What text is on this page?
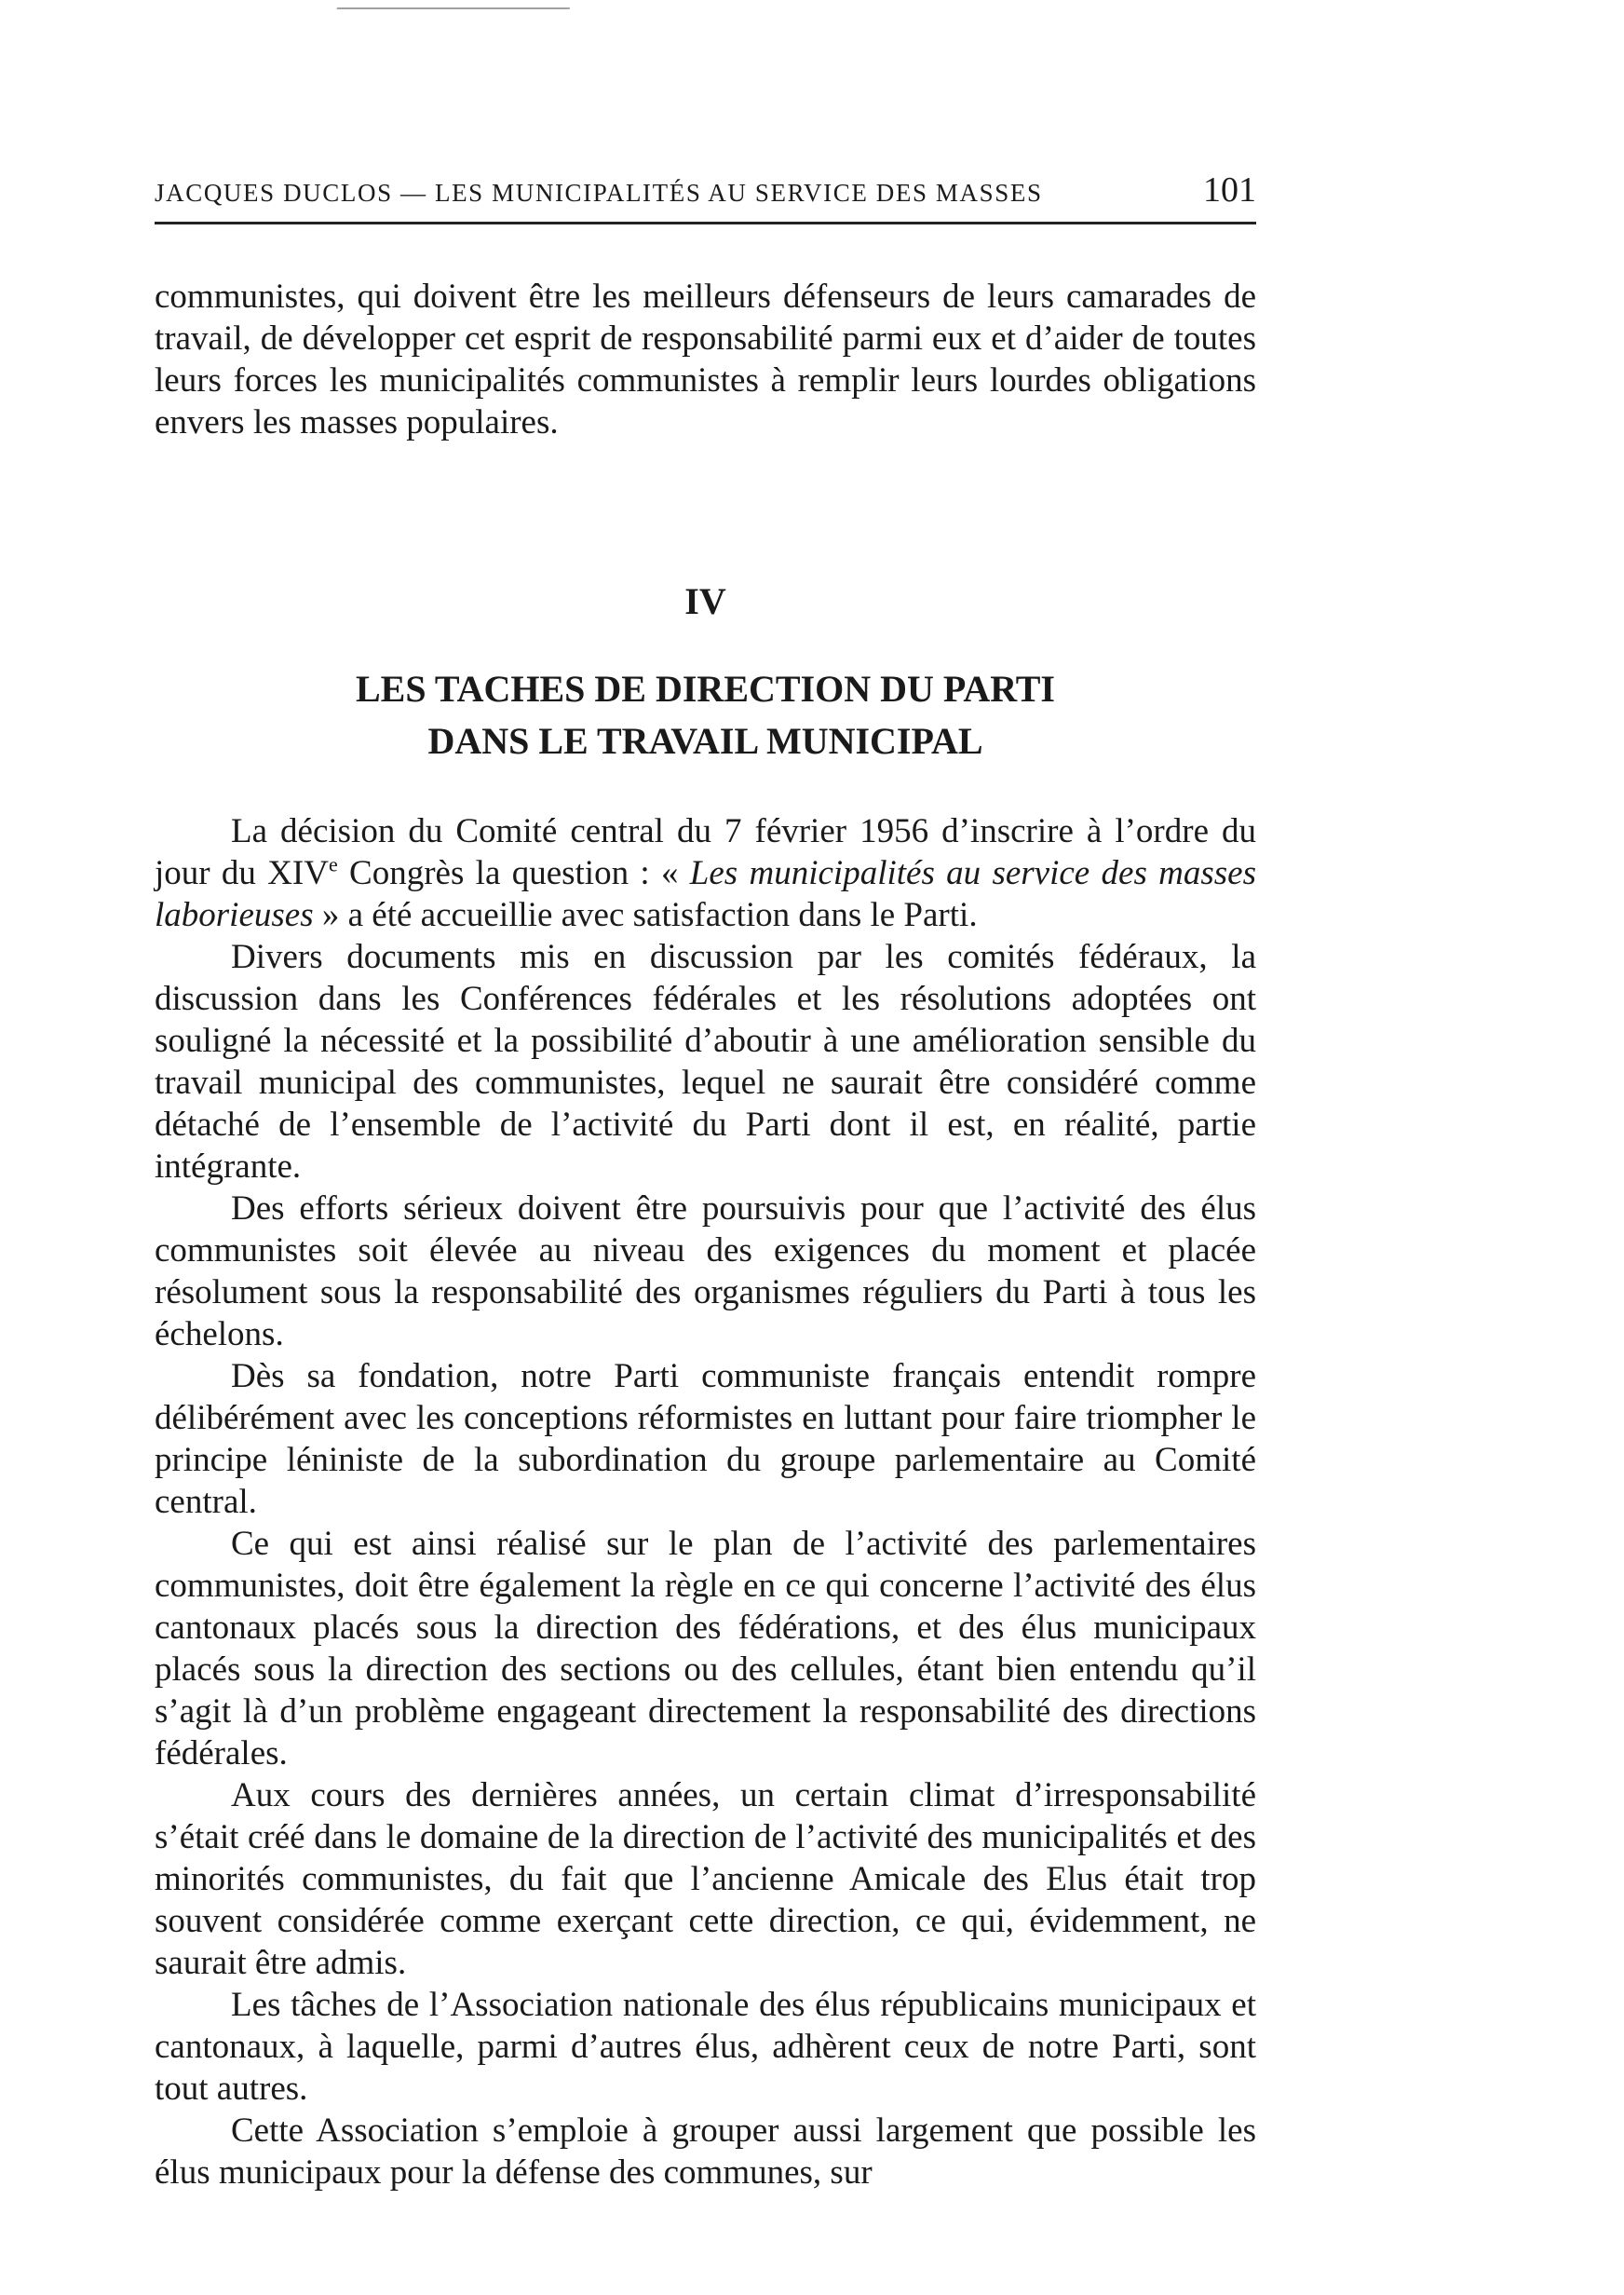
JACQUES DUCLOS — LES MUNICIPALITÉS AU SERVICE DES MASSES	101

communistes, qui doivent être les meilleurs défenseurs de leurs camarades de travail, de développer cet esprit de responsabilité parmi eux et d’aider de toutes leurs forces les municipalités communistes à remplir leurs lourdes obligations envers les masses populaires.

IV
LES TACHES DE DIRECTION DU PARTI
DANS LE TRAVAIL MUNICIPAL

La décision du Comité central du 7 février 1956 d’inscrire à l’ordre du jour du XIVe Congrès la question : « Les municipalités au service des masses laborieuses » a été accueillie avec satisfaction dans le Parti.

Divers documents mis en discussion par les comités fédéraux, la discussion dans les Conférences fédérales et les résolutions adoptées ont souligné la nécessité et la possibilité d’aboutir à une amélioration sensible du travail municipal des communistes, lequel ne saurait être considéré comme détaché de l’ensemble de l’activité du Parti dont il est, en réalité, partie intégrante.

Des efforts sérieux doivent être poursuivis pour que l’activité des élus communistes soit élevée au niveau des exigences du moment et placée résolument sous la responsabilité des organismes réguliers du Parti à tous les échelons.

Dès sa fondation, notre Parti communiste français entendit rompre délibérément avec les conceptions réformistes en luttant pour faire triompher le principe léniniste de la subordination du groupe parlementaire au Comité central.

Ce qui est ainsi réalisé sur le plan de l’activité des parlementaires communistes, doit être également la règle en ce qui concerne l’activité des élus cantonaux placés sous la direction des fédérations, et des élus municipaux placés sous la direction des sections ou des cellules, étant bien entendu qu’il s’agit là d’un problème engageant directement la responsabilité des directions fédérales.

Aux cours des dernières années, un certain climat d’irresponsabilité s’était créé dans le domaine de la direction de l’activité des municipalités et des minorités communistes, du fait que l’ancienne Amicale des Elus était trop souvent considérée comme exerçant cette direction, ce qui, évidemment, ne saurait être admis.

Les tâches de l’Association nationale des élus républicains municipaux et cantonaux, à laquelle, parmi d’autres élus, adhèrent ceux de notre Parti, sont tout autres.

Cette Association s’emploie à grouper aussi largement que possible les élus municipaux pour la défense des communes, sur
